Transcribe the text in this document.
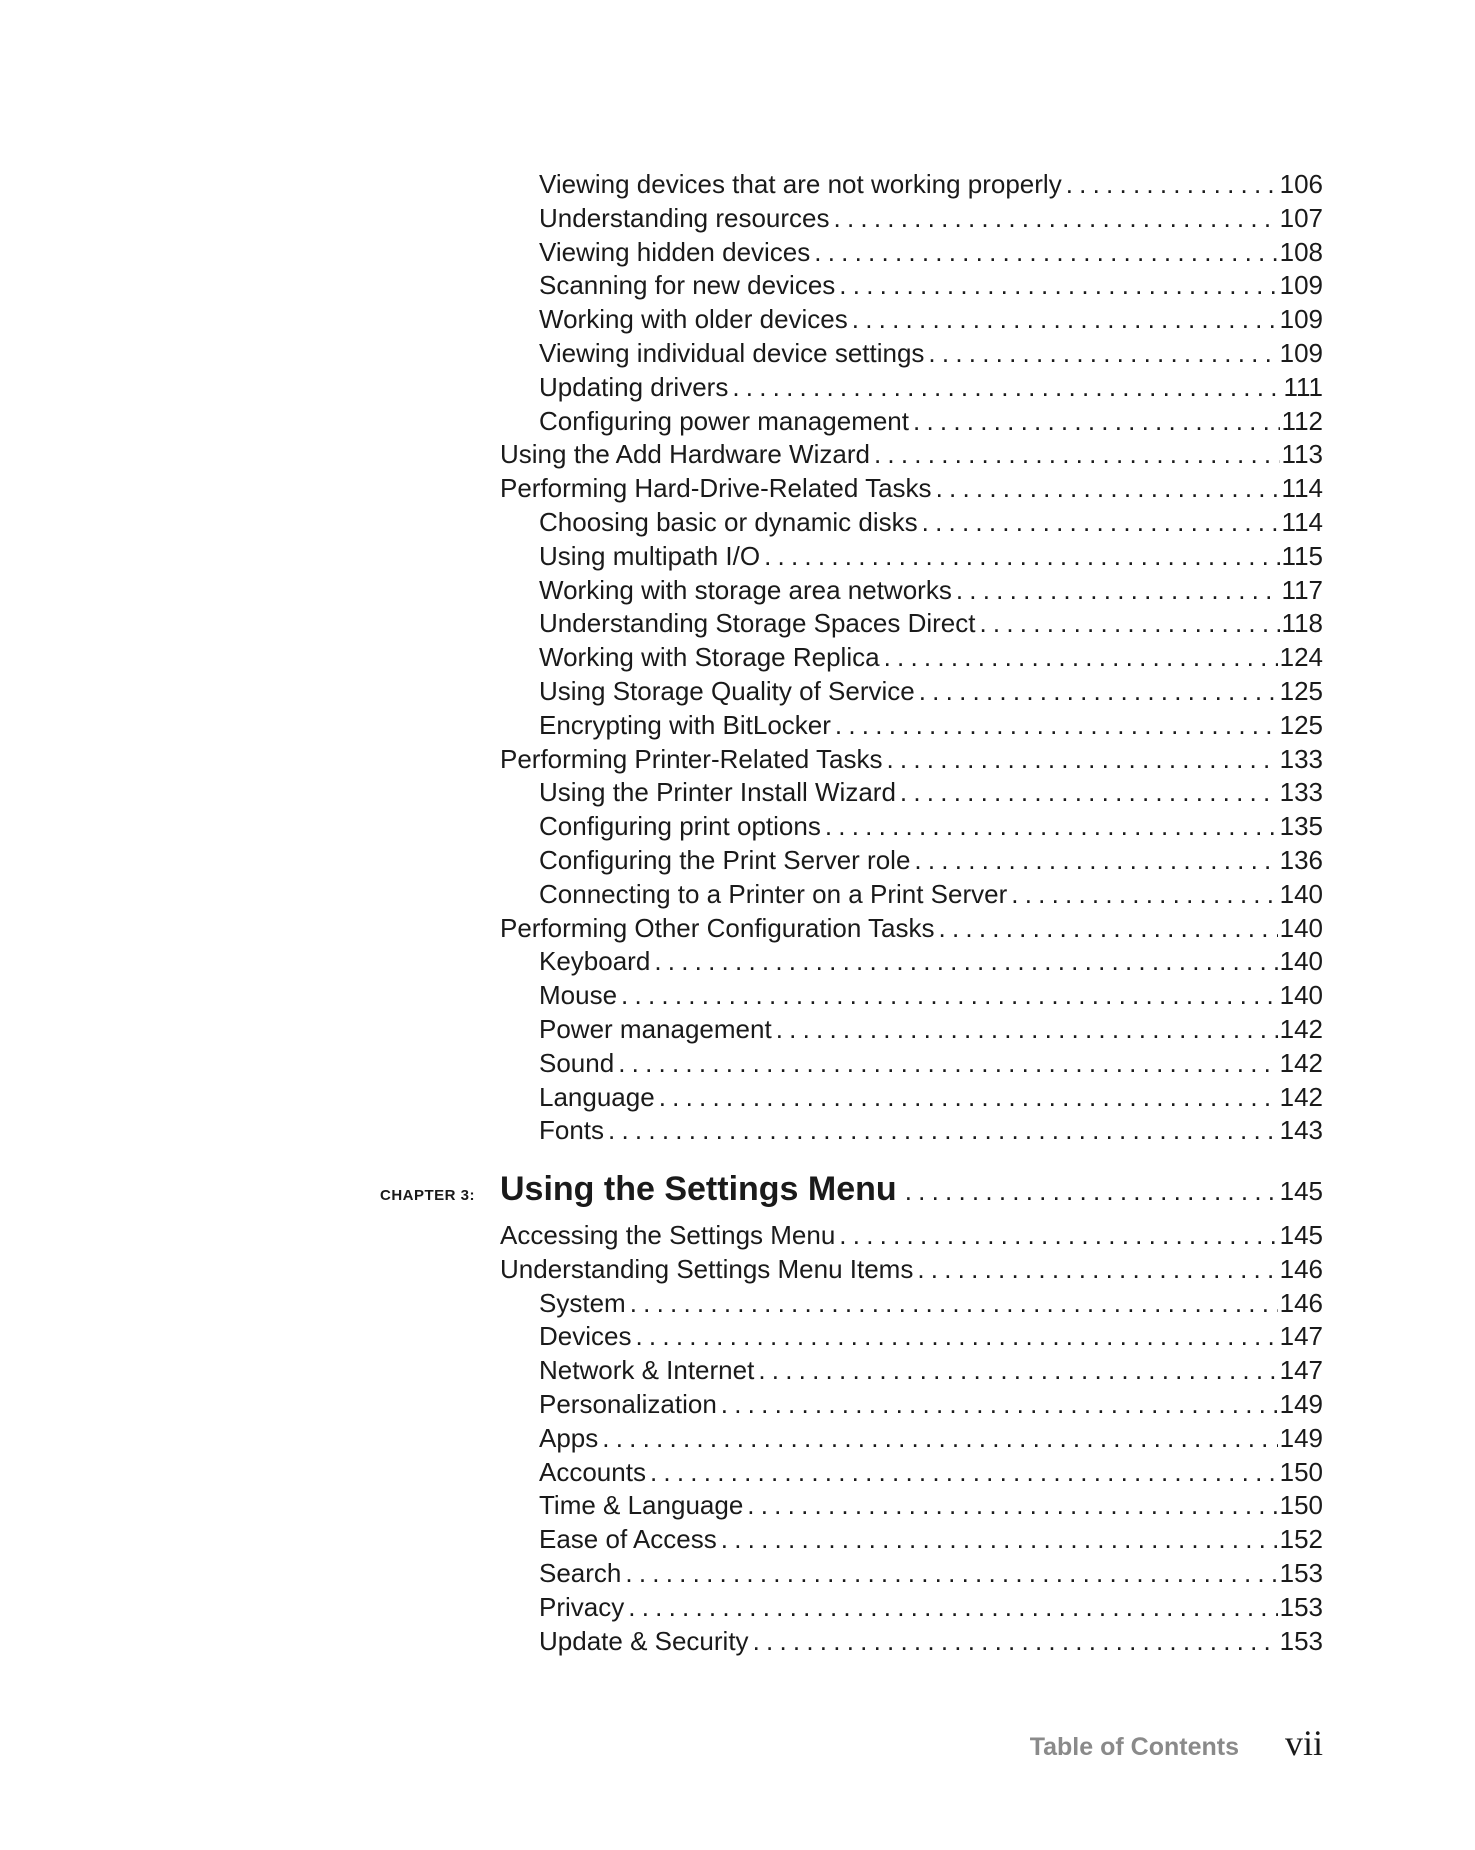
Viewing devices that are not working properly . . .	106
Understanding resources . . .	107
Viewing hidden devices . . .	108
Scanning for new devices . . .	109
Working with older devices . . .	109
Viewing individual device settings . . .	109
Updating drivers . . .	111
Configuring power management . . .	112
Using the Add Hardware Wizard . . .	113
Performing Hard-Drive-Related Tasks . . .	114
Choosing basic or dynamic disks . . .	114
Using multipath I/O . . .	115
Working with storage area networks . . .	117
Understanding Storage Spaces Direct . . .	118
Working with Storage Replica . . .	124
Using Storage Quality of Service . . .	125
Encrypting with BitLocker . . .	125
Performing Printer-Related Tasks . . .	133
Using the Printer Install Wizard . . .	133
Configuring print options . . .	135
Configuring the Print Server role . . .	136
Connecting to a Printer on a Print Server . . .	140
Performing Other Configuration Tasks . . .	140
Keyboard . . .	140
Mouse . . .	140
Power management . . .	142
Sound . . .	142
Language . . .	142
Fonts . . .	143
CHAPTER 3: Using the Settings Menu . . .	145
Accessing the Settings Menu . . .	145
Understanding Settings Menu Items . . .	146
System . . .	146
Devices . . .	147
Network & Internet . . .	147
Personalization . . .	149
Apps . . .	149
Accounts . . .	150
Time & Language . . .	150
Ease of Access . . .	152
Search . . .	153
Privacy . . .	153
Update & Security . . .	153
Table of Contents vii
